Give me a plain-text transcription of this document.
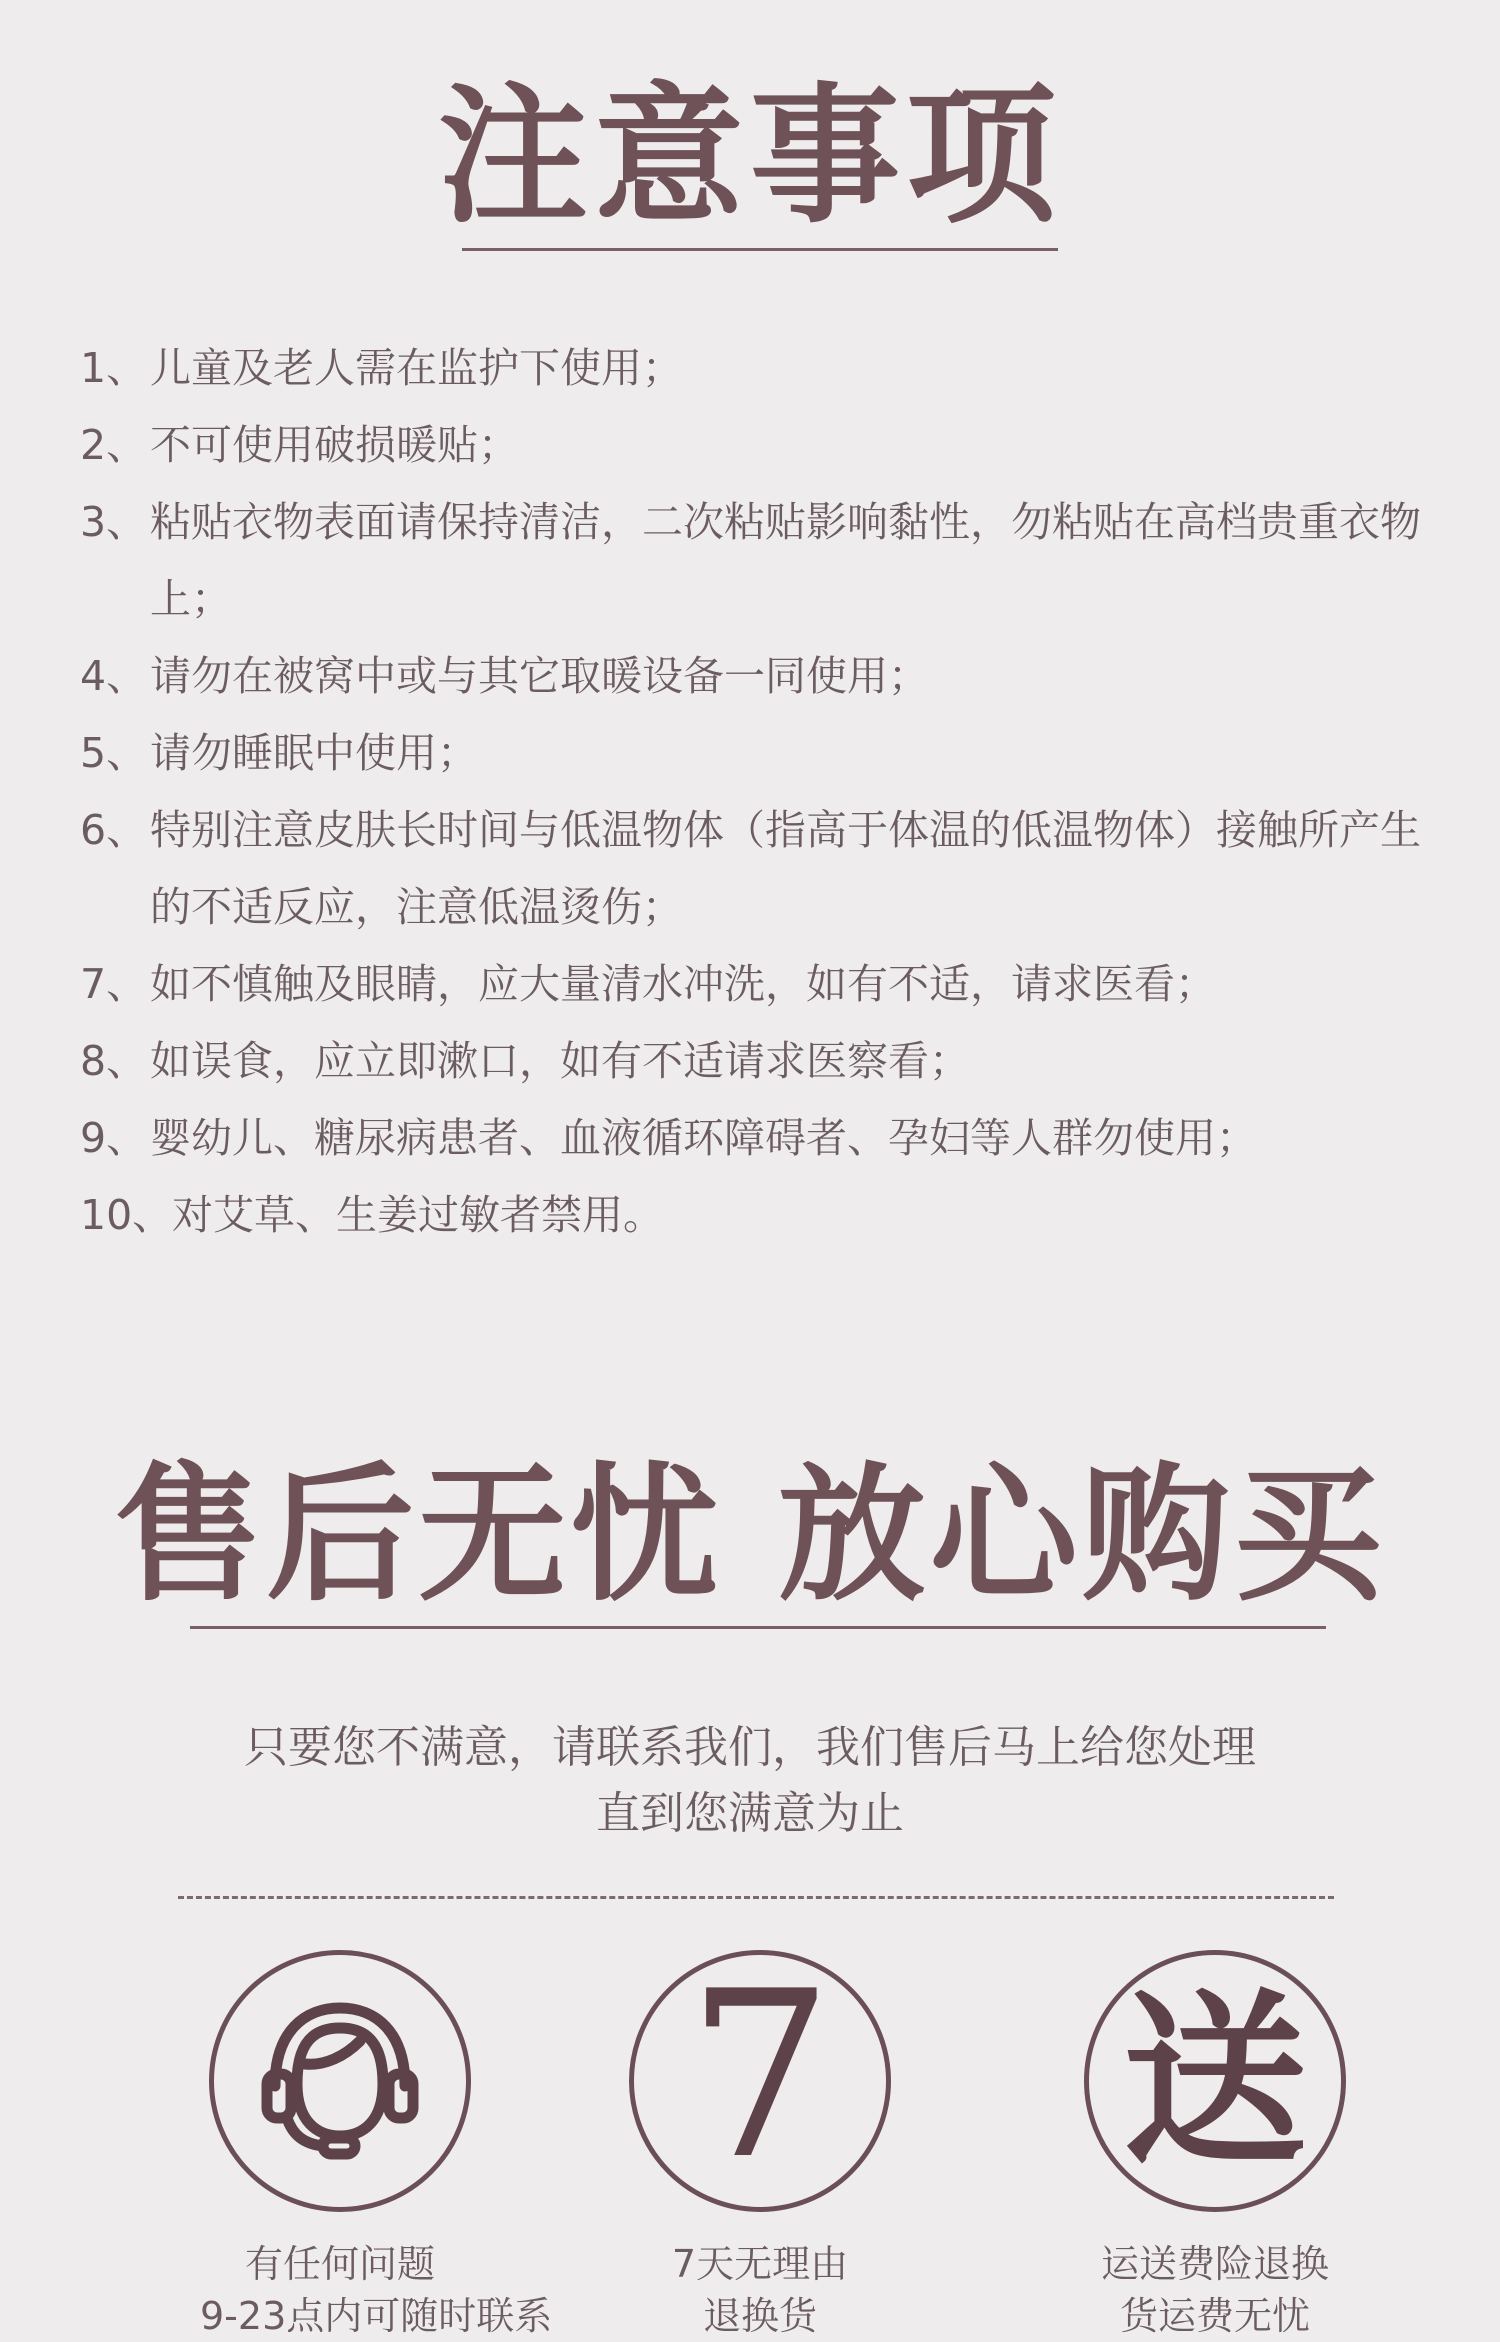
注意事项
1、 儿童及老人需在监护下使用；
2、 不可使用破损暖贴；
3、 粘贴衣物表面请保持清洁，二次粘贴影响黏性，勿粘贴在高档贵重衣物上；
4、 请勿在被窝中或与其它取暖设备一同使用；
5、 请勿睡眠中使用；
6、 特别注意皮肤长时间与低温物体（指高于体温的低温物体）接触所产生的不适反应，注意低温烫伤；
7、 如不慎触及眼睛，应大量清水冲洗，如有不适，请求医看；
8、 如误食，应立即漱口，如有不适请求医察看；
9、 婴幼儿、糖尿病患者、血液循环障碍者、孕妇等人群勿使用；
10、
对艾草、生姜过敏者禁用。
售后无忧 放心购买
只要您不满意，请联系我们，我们售后马上给您处理
直到您满意为止
有任何问题
9-23点内可随时联系
7
7天无理由
退换货
送
运送费险退换
货运费无忧
